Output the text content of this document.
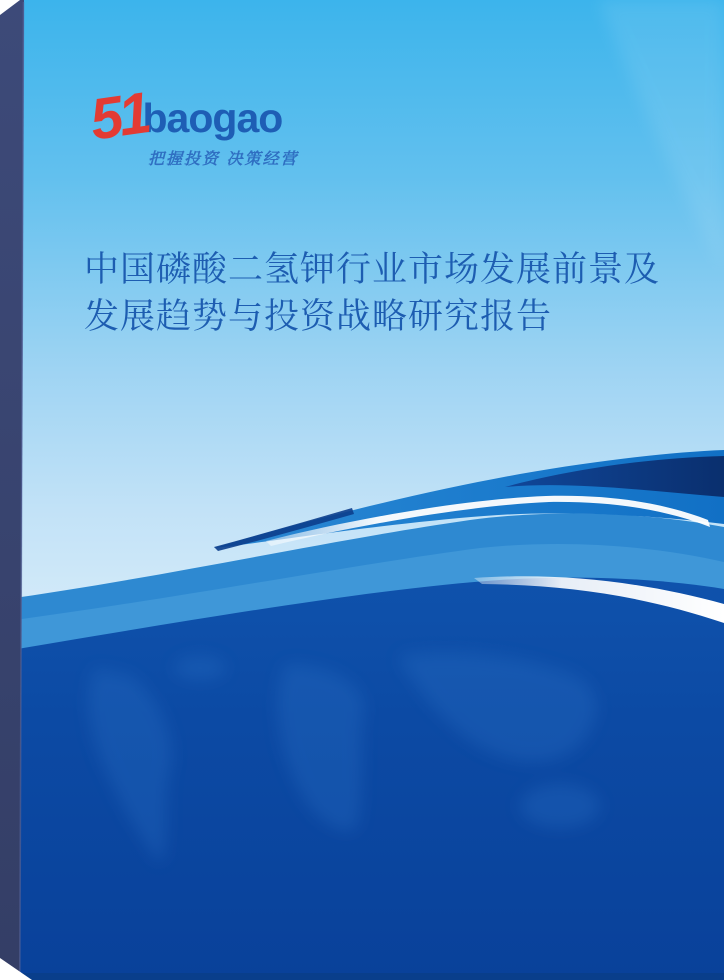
51
baogao
把握投资 决策经营
中国磷酸二氢钾行业市场发展前景及
发展趋势与投资战略研究报告
